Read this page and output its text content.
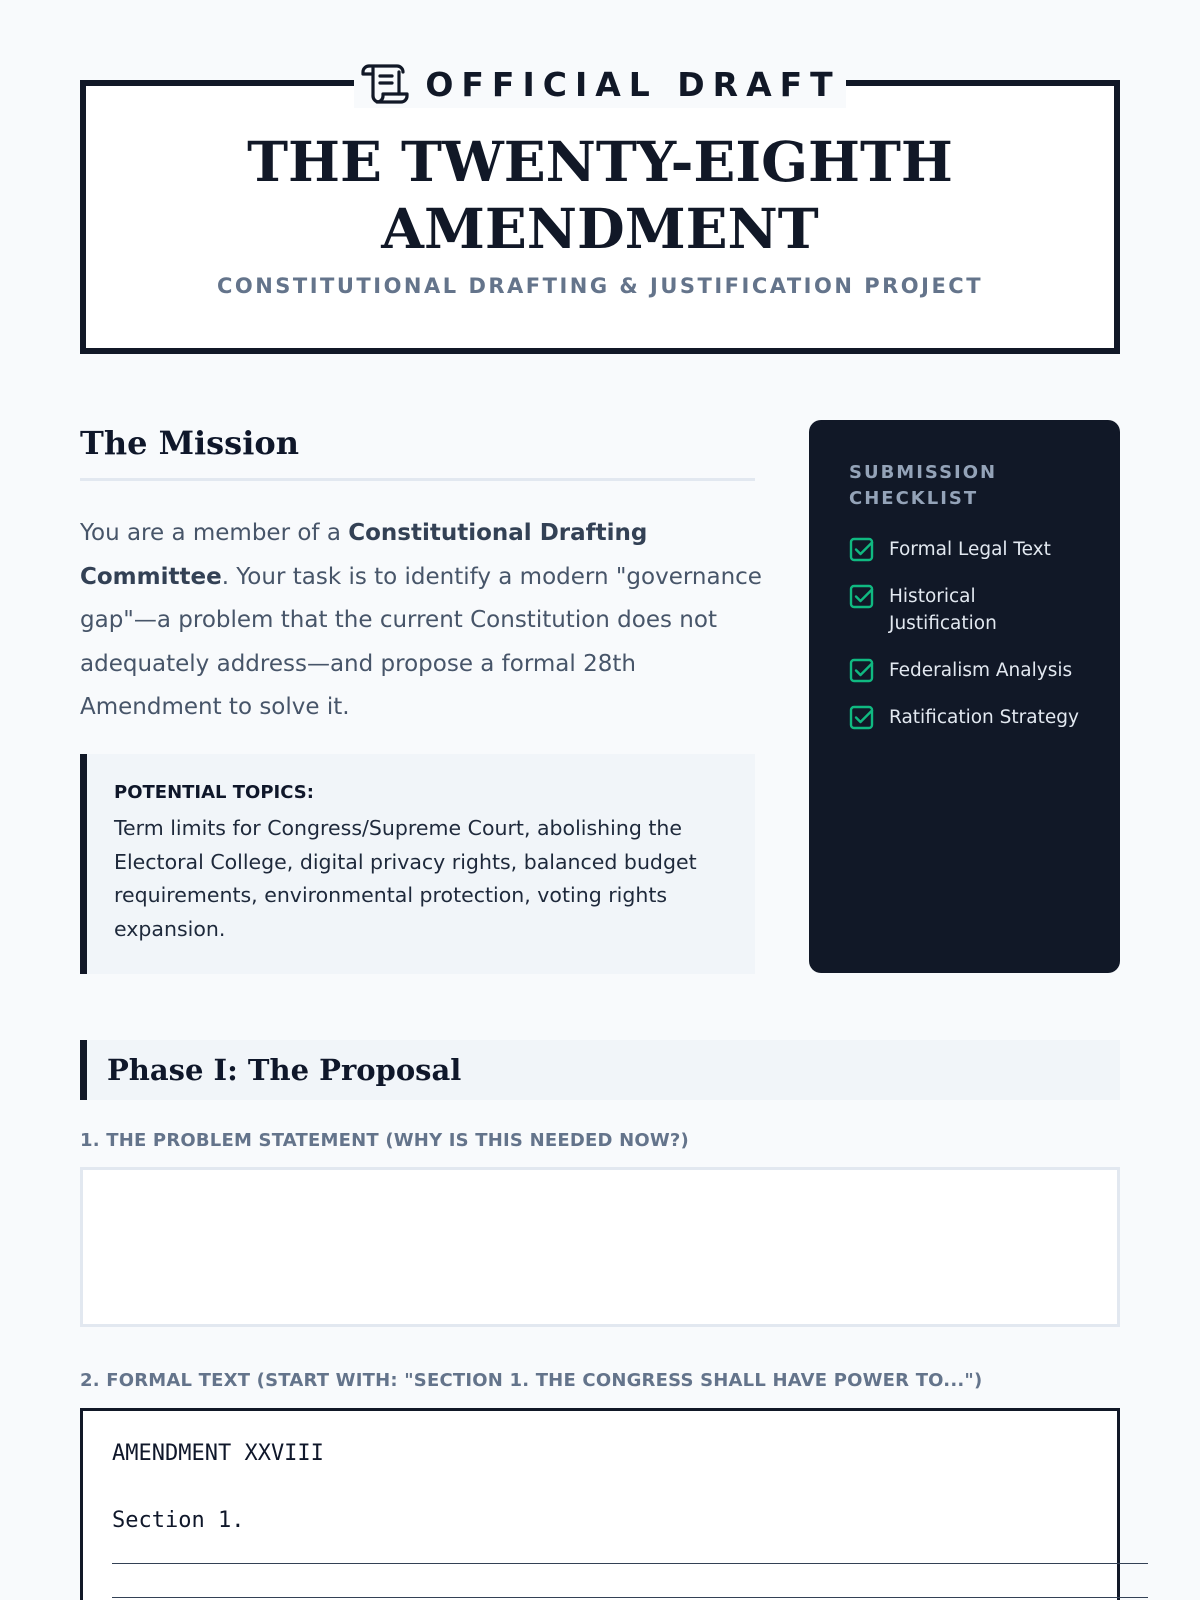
OFFICIAL DRAFT
THE TWENTY-EIGHTH
AMENDMENT
CONSTITUTIONAL DRAFTING & JUSTIFICATION PROJECT
The Mission

You are a member of a Constitutional Drafting Committee. Your task is to identify a modern "governance gap"—a problem that the current Constitution does not adequately address—and propose a formal 28th Amendment to solve it.

POTENTIAL TOPICS:
Term limits for Congress/Supreme Court, abolishing the Electoral College, digital privacy rights, balanced budget requirements, environmental protection, voting rights expansion.
SUBMISSION CHECKLIST
Formal Legal Text
Historical Justification
Federalism Analysis
Ratification Strategy
Phase I: The Proposal
1. THE PROBLEM STATEMENT (WHY IS THIS NEEDED NOW?)
2. FORMAL TEXT (START WITH: "SECTION 1. THE CONGRESS SHALL HAVE POWER TO...")
AMENDMENT XXVIII
Section 1.
